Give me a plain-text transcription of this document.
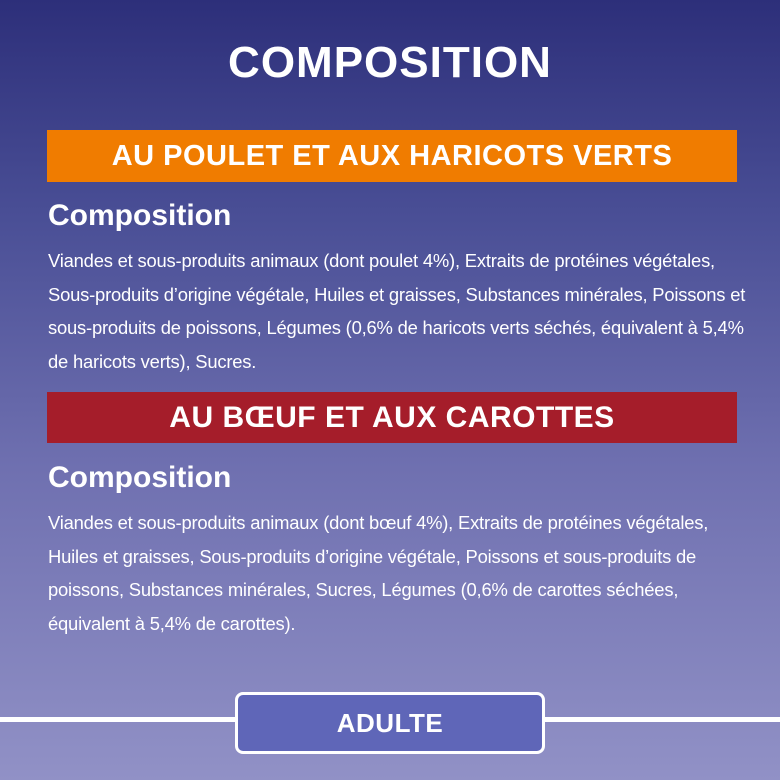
COMPOSITION
AU POULET ET AUX HARICOTS VERTS
Composition
Viandes et sous-produits animaux (dont poulet 4%), Extraits de protéines végétales, Sous-produits d’origine végétale, Huiles et graisses, Substances minérales, Poissons et sous-produits de poissons, Légumes (0,6% de haricots verts séchés, équivalent à 5,4% de haricots verts), Sucres.
AU BŒUF ET AUX CAROTTES
Composition
Viandes et sous-produits animaux (dont bœuf 4%), Extraits de protéines végétales, Huiles et graisses, Sous-produits d’origine végétale, Poissons et sous-produits de poissons, Substances minérales, Sucres, Légumes (0,6% de carottes séchées, équivalent à 5,4% de carottes).
ADULTE
